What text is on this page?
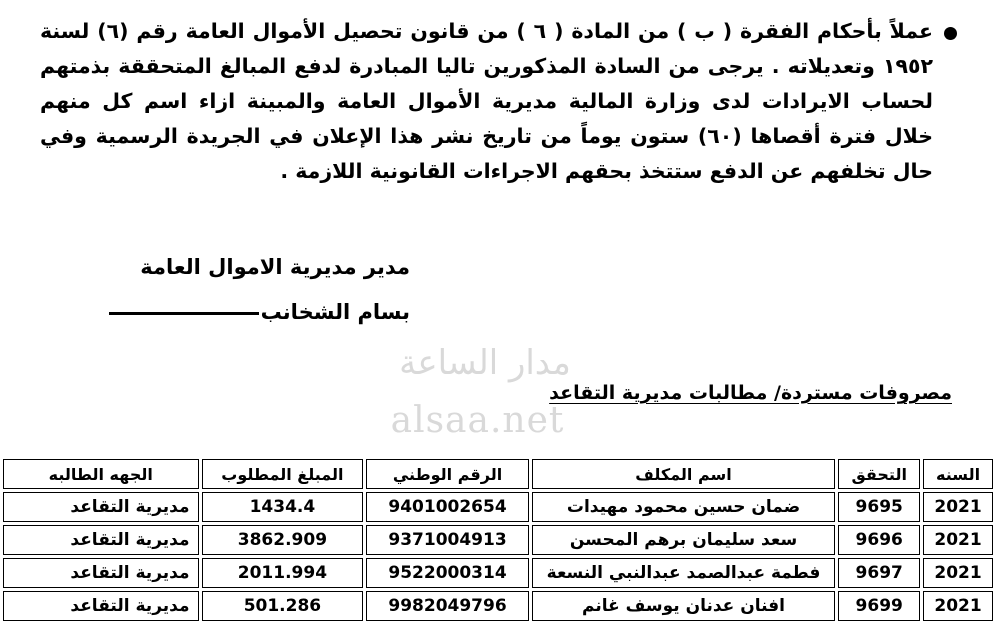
عملاً بأحكام الفقرة ( ب ) من المادة ( ٦ ) من قانون تحصيل الأموال العامة رقم (٦) لسنة ١٩٥٢ وتعديلاته . يرجى من السادة المذكورين تاليا المبادرة لدفع المبالغ المتحققة بذمتهم لحساب الايرادات لدى وزارة المالية مديرية الأموال العامة والمبينة ازاء اسم كل منهم خلال فترة أقصاها (٦٠) ستون يوماً من تاريخ نشر هذا الإعلان في الجريدة الرسمية وفي حال تخلفهم عن الدفع ستتخذ بحقهم الاجراءات القانونية اللازمة .

مدير مديرية الاموال العامة
بسام الشخانب
مدار الساعة
alsaa.net
مصروفات مستردة/ مطالبات مديرية التقاعد
السنه	التحقق	اسم المكلف	الرقم الوطني	المبلغ المطلوب	الجهه الطالبه
2021	9695	ضمان حسين محمود مهيدات	9401002654	1434.4	مديرية التقاعد
2021	9696	سعد سليمان برهم المحسن	9371004913	3862.909	مديرية التقاعد
2021	9697	فطمة عبدالصمد عبدالنبي النسعة	9522000314	2011.994	مديرية التقاعد
2021	9699	افنان عدنان يوسف غانم	9982049796	501.286	مديرية التقاعد
